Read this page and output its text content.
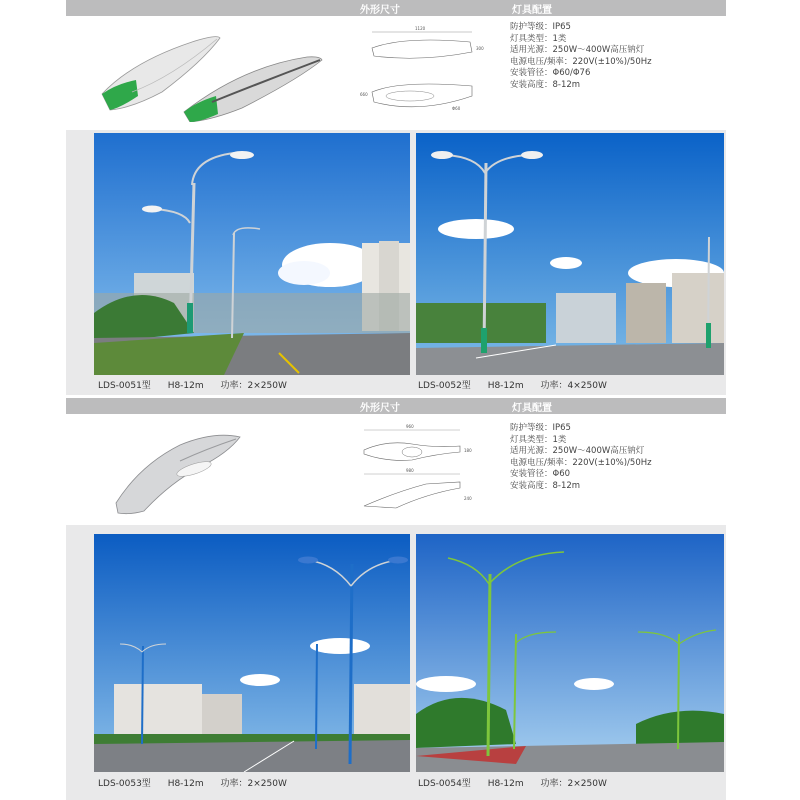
外形尺寸	灯具配置
1120
300
660
Φ60
防护等级：IP65
灯具类型：1类
适用光源：250W～400W高压钠灯
电源电压/频率：220V(±10%)/50Hz
安装管径：Φ60/Φ76
安装高度：8-12m
LDS-0051型 H8-12m 功率：2×250W	LDS-0052型 H8-12m 功率：4×250W
外形尺寸	灯具配置
960
180
980
240
防护等级：IP65
灯具类型：1类
适用光源：250W～400W高压钠灯
电源电压/频率：220V(±10%)/50Hz
安装管径：Φ60
安装高度：8-12m
LDS-0053型 H8-12m 功率：2×250W	LDS-0054型 H8-12m 功率：2×250W
